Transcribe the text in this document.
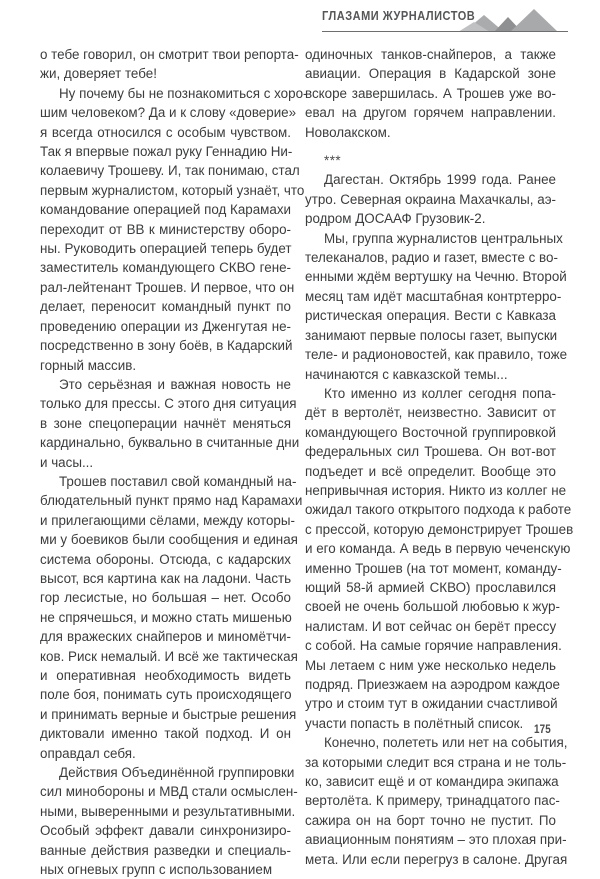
ГЛАЗАМИ ЖУРНАЛИСТОВ
о тебе говорил, он смотрит твои репорта-
жи, доверяет тебе!
Ну почему бы не познакомиться с хоро-
шим человеком? Да и к слову «доверие»
я всегда относился с особым чувством.
Так я впервые пожал руку Геннадию Ни-
колаевичу Трошеву. И, так понимаю, стал
первым журналистом, который узнаёт, что
командование операцией под Карамахи
переходит от ВВ к министерству оборо-
ны. Руководить операцией теперь будет
заместитель командующего СКВО гене-
рал-лейтенант Трошев. И первое, что он
делает, переносит командный пункт по
проведению операции из Дженгутая не-
посредственно в зону боёв, в Кадарский
горный массив.
Это серьёзная и важная новость не
только для прессы. С этого дня ситуация
в зоне спецоперации начнёт меняться
кардинально, буквально в считанные дни
и часы...
Трошев поставил свой командный на-
блюдательный пункт прямо над Карамахи
и прилегающими сёлами, между которы-
ми у боевиков были сообщения и единая
система обороны. Отсюда, с кадарских
высот, вся картина как на ладони. Часть
гор лесистые, но большая – нет. Особо
не спрячешься, и можно стать мишенью
для вражеских снайперов и миномётчи-
ков. Риск немалый. И всё же тактическая
и оперативная необходимость видеть
поле боя, понимать суть происходящего
и принимать верные и быстрые решения
диктовали именно такой подход. И он
оправдал себя.
Действия Объединённой группировки
сил минобороны и МВД стали осмыслен-
ными, выверенными и результативными.
Особый эффект давали синхронизиро-
ванные действия разведки и специаль-
ных огневых групп с использованием
одиночных танков-снайперов, а также
авиации. Операция в Кадарской зоне
вскоре завершилась. А Трошев уже во-
евал на другом горячем направлении.
Новолакском.
***
Дагестан. Октябрь 1999 года. Ранее
утро. Северная окраина Махачкалы, аэ-
родром ДОСААФ Грузовик-2.
Мы, группа журналистов центральных
телеканалов, радио и газет, вместе с во-
енными ждём вертушку на Чечню. Второй
месяц там идёт масштабная контртерро-
ристическая операция. Вести с Кавказа
занимают первые полосы газет, выпуски
теле- и радионовостей, как правило, тоже
начинаются с кавказской темы...
Кто именно из коллег сегодня попа-
дёт в вертолёт, неизвестно. Зависит от
командующего Восточной группировкой
федеральных сил Трошева. Он вот-вот
подъедет и всё определит. Вообще это
непривычная история. Никто из коллег не
ожидал такого открытого подхода к работе
с прессой, которую демонстрирует Трошев
и его команда. А ведь в первую чеченскую
именно Трошев (на тот момент, команду-
ющий 58-й армией СКВО) прославился
своей не очень большой любовью к жур-
налистам. И вот сейчас он берёт прессу
с собой. На самые горячие направления.
Мы летаем с ним уже несколько недель
подряд. Приезжаем на аэродром каждое
утро и стоим тут в ожидании счастливой
участи попасть в полётный список.
Конечно, полететь или нет на события,
за которыми следит вся страна и не толь-
ко, зависит ещё и от командира экипажа
вертолёта. К примеру, тринадцатого пас-
сажира он на борт точно не пустит. По
авиационным понятиям – это плохая при-
мета. Или если перегруз в салоне. Другая
175
